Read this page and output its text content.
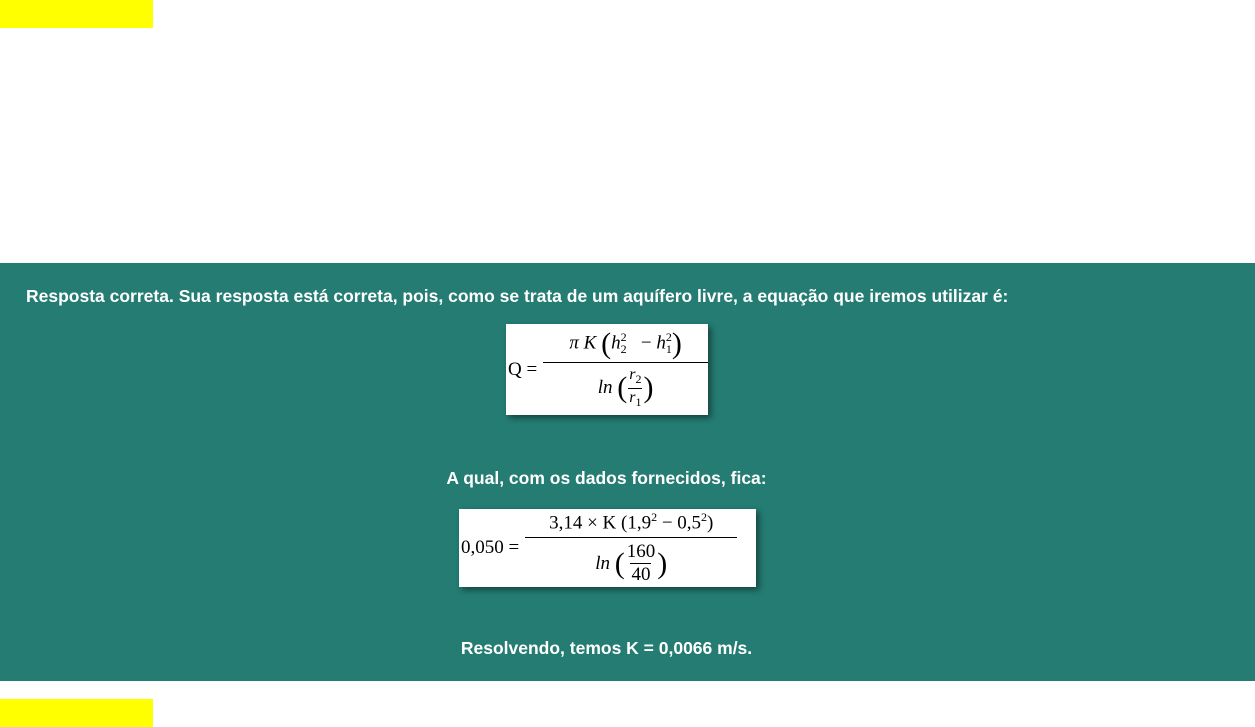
Resposta correta. Sua resposta está correta, pois, como se trata de um aquífero livre, a equação que iremos utilizar é:
Q = π K $(h^2_2 - h^2_1)$
ln
( $\frac{r_2}{r_1}$ )
A qual, com os dados fornecidos, fica:
0,050 = 3,14 × K $(1,9^2 - 0,5^2)$
ln
( $\frac{160}{40}$ )
Resolvendo, temos K = 0,0066 m/s.
